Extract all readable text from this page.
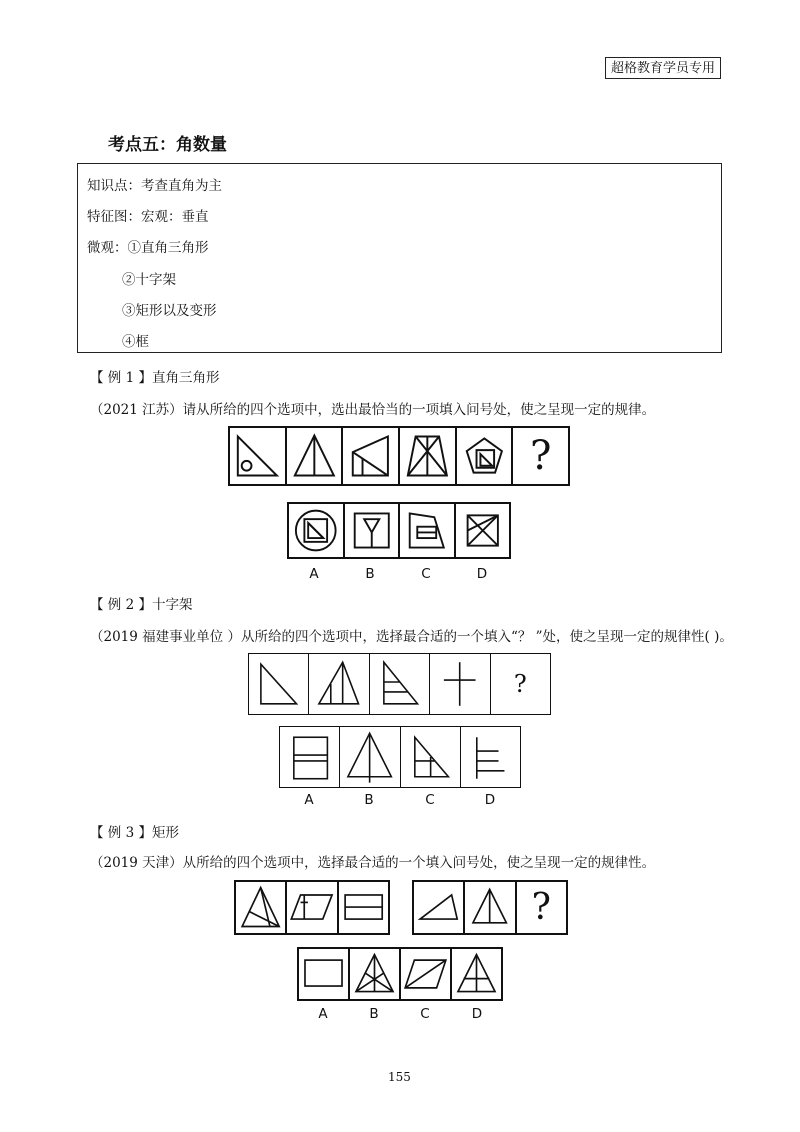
超格教育学员专用
考点五：角数量
知识点：考查直角为主
特征图：宏观：垂直
微观：①直角三角形
②十字架
③矩形以及变形
④框
【 例 1 】直角三角形
（2021 江苏）请从所给的四个选项中，选出最恰当的一项填入问号处，使之呈现一定的规律。
?
A	B	C	D
【 例 2 】十字架
（2019 福建事业单位 ）从所给的四个选项中，选择最合适的一个填入“？ ”处，使之呈现一定的规律性( )。
?
A	B	C	D
【 例 3 】矩形
（2019 天津）从所给的四个选项中，选择最合适的一个填入问号处，使之呈现一定的规律性。
?
A	B	C	D
155
